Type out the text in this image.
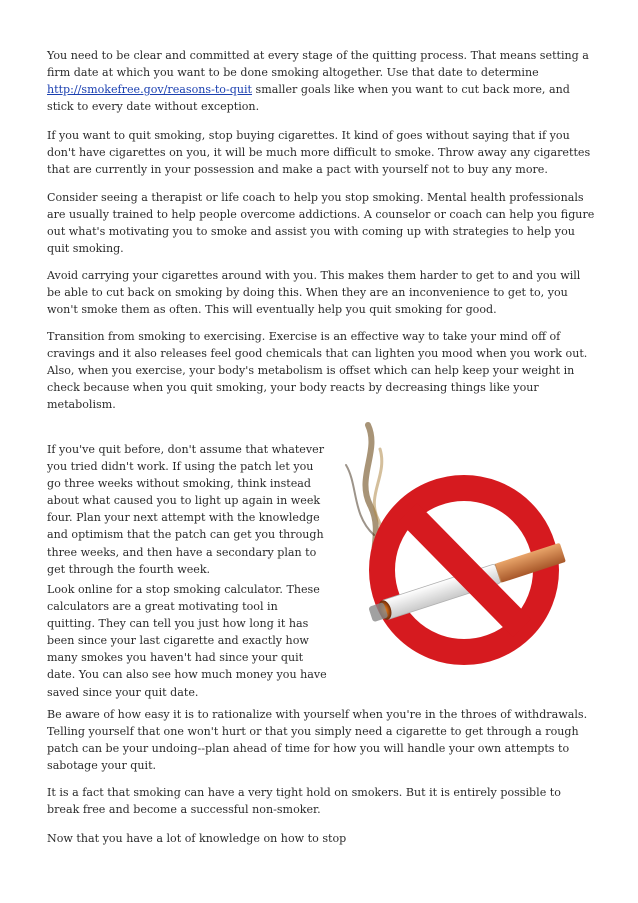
You need to be clear and committed at every stage of the quitting process. That means setting a firm date at which you want to be done smoking altogether. Use that date to determine
http://smokefree.gov/reasons-to-quit smaller goals like when you want to cut back more, and stick to every date without exception.

If you want to quit smoking, stop buying cigarettes. It kind of goes without saying that if you don't have cigarettes on you, it will be much more difficult to smoke. Throw away any cigarettes that are currently in your possession and make a pact with yourself not to buy any more.

Consider seeing a therapist or life coach to help you stop smoking. Mental health professionals are usually trained to help people overcome addictions. A counselor or coach can help you figure out what's motivating you to smoke and assist you with coming up with strategies to help you quit smoking.

Avoid carrying your cigarettes around with you. This makes them harder to get to and you will be able to cut back on smoking by doing this. When they are an inconvenience to get to, you won't smoke them as often. This will eventually help you quit smoking for good.

Transition from smoking to exercising. Exercise is an effective way to take your mind off of cravings and it also releases feel good chemicals that can lighten you mood when you work out. Also, when you exercise, your body's metabolism is offset which can help keep your weight in check because when you quit smoking, your body reacts by decreasing things like your metabolism.

If you've quit before, don't assume that whatever you tried didn't work. If using the patch let you go three weeks without smoking, think instead about what caused you to light up again in week four. Plan your next attempt with the knowledge and optimism that the patch can get you through three weeks, and then have a secondary plan to get through the fourth week.

Look online for a stop smoking calculator. These calculators are a great motivating tool in quitting. They can tell you just how long it has been since your last cigarette and exactly how many smokes you haven't had since your quit date. You can also see how much money you have saved since your quit date.

Be aware of how easy it is to rationalize with yourself when you're in the throes of withdrawals. Telling yourself that one won't hurt or that you simply need a cigarette to get through a rough patch can be your undoing--plan ahead of time for how you will handle your own attempts to sabotage your quit.

It is a fact that smoking can have a very tight hold on smokers. But it is entirely possible to break free and become a successful non-smoker.

Now that you have a lot of knowledge on how to stop
